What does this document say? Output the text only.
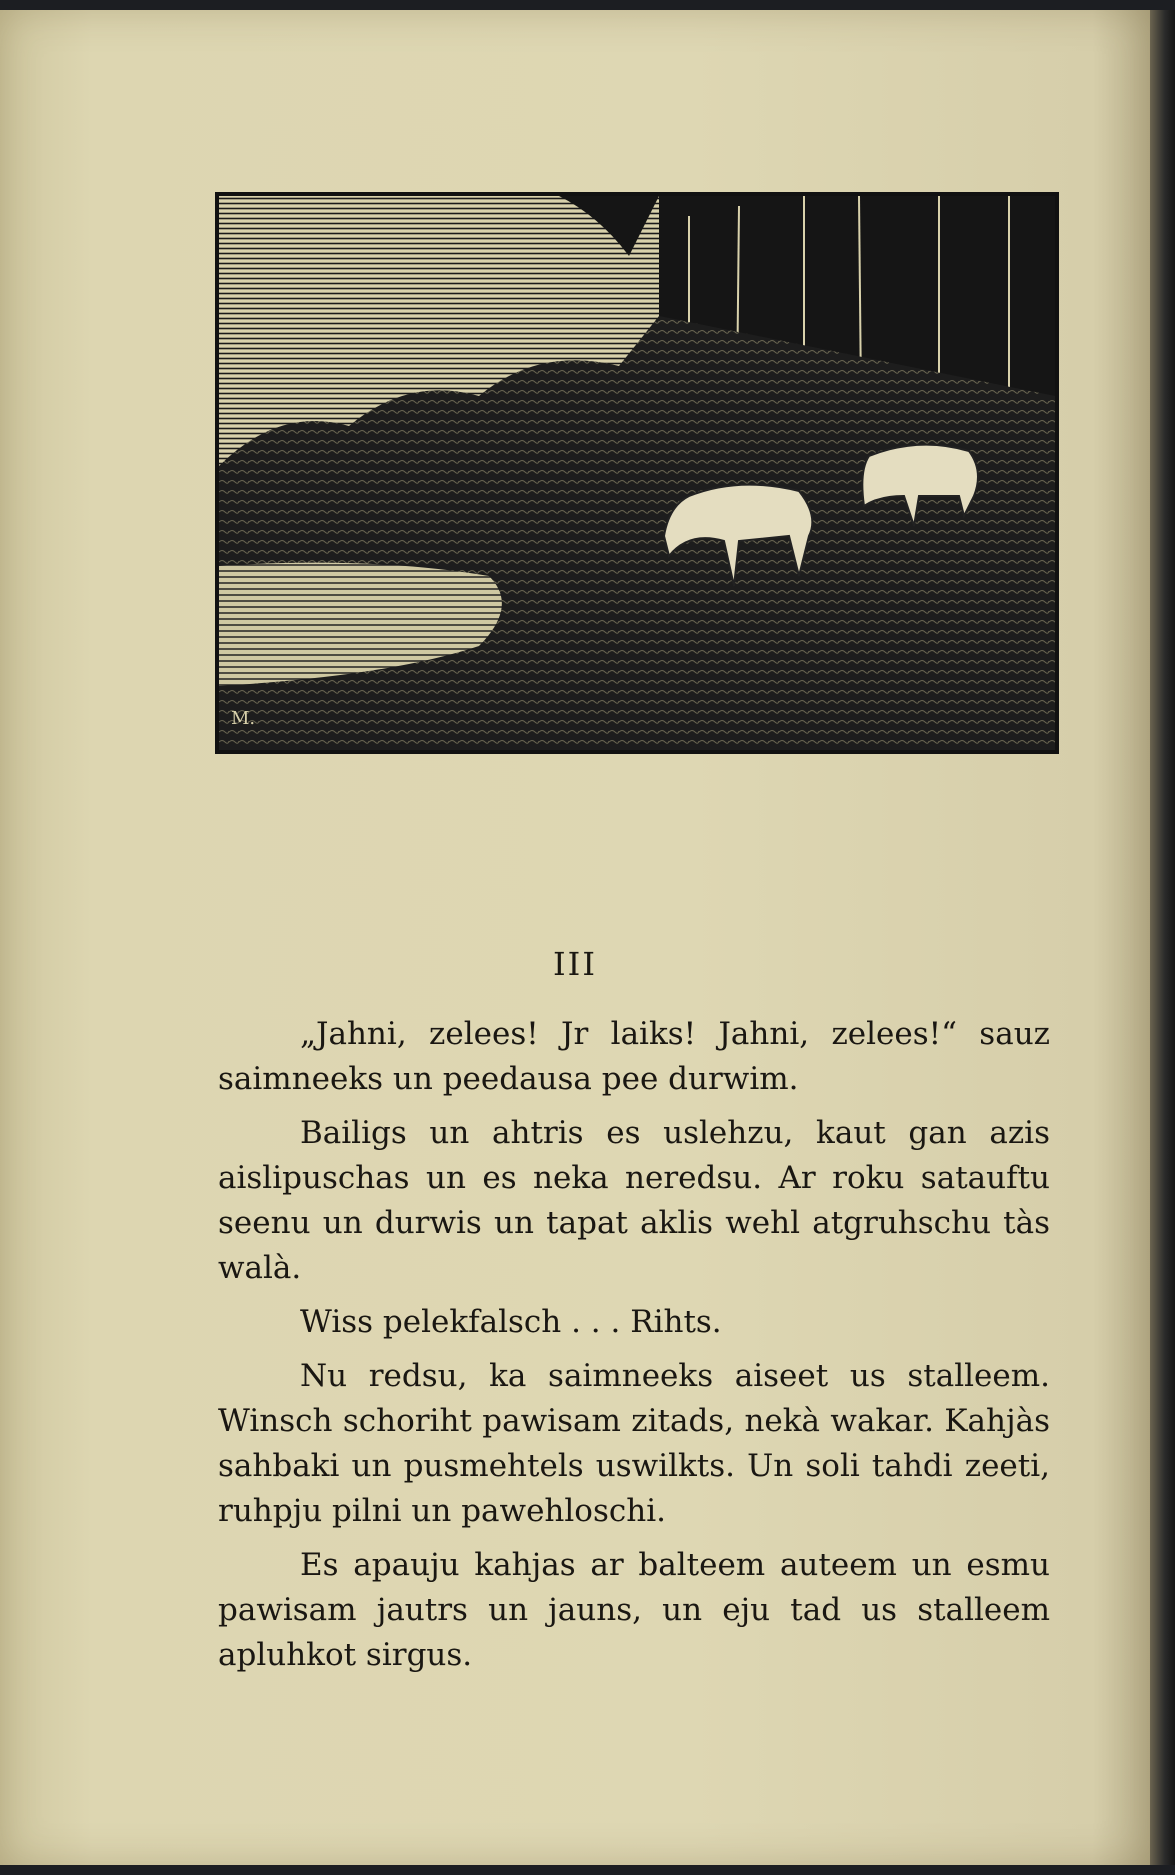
M.
III

„Jahni, zelees! Jr laiks! Jahni, zelees!“ sauz saimneeks un peedausa pee durwim.

Bailigs un ahtris es uslehzu, kaut gan azis aislipuschas un es neka neredsu. Ar roku satauftu seenu un durwis un tapat aklis wehl atgruhschu tàs walà.

Wiss pelekfalsch . . . Rihts.

Nu redsu, ka saimneeks aiseet us stalleem. Winsch schoriht pawisam zitads, nekà wakar. Kahjàs sahbaki un pusmehtels uswilkts. Un soli tahdi zeeti, ruhpju pilni un pawehloschi.

Es apauju kahjas ar balteem auteem un esmu pawisam jautrs un jauns, un eju tad us stalleem apluhkot sirgus.
